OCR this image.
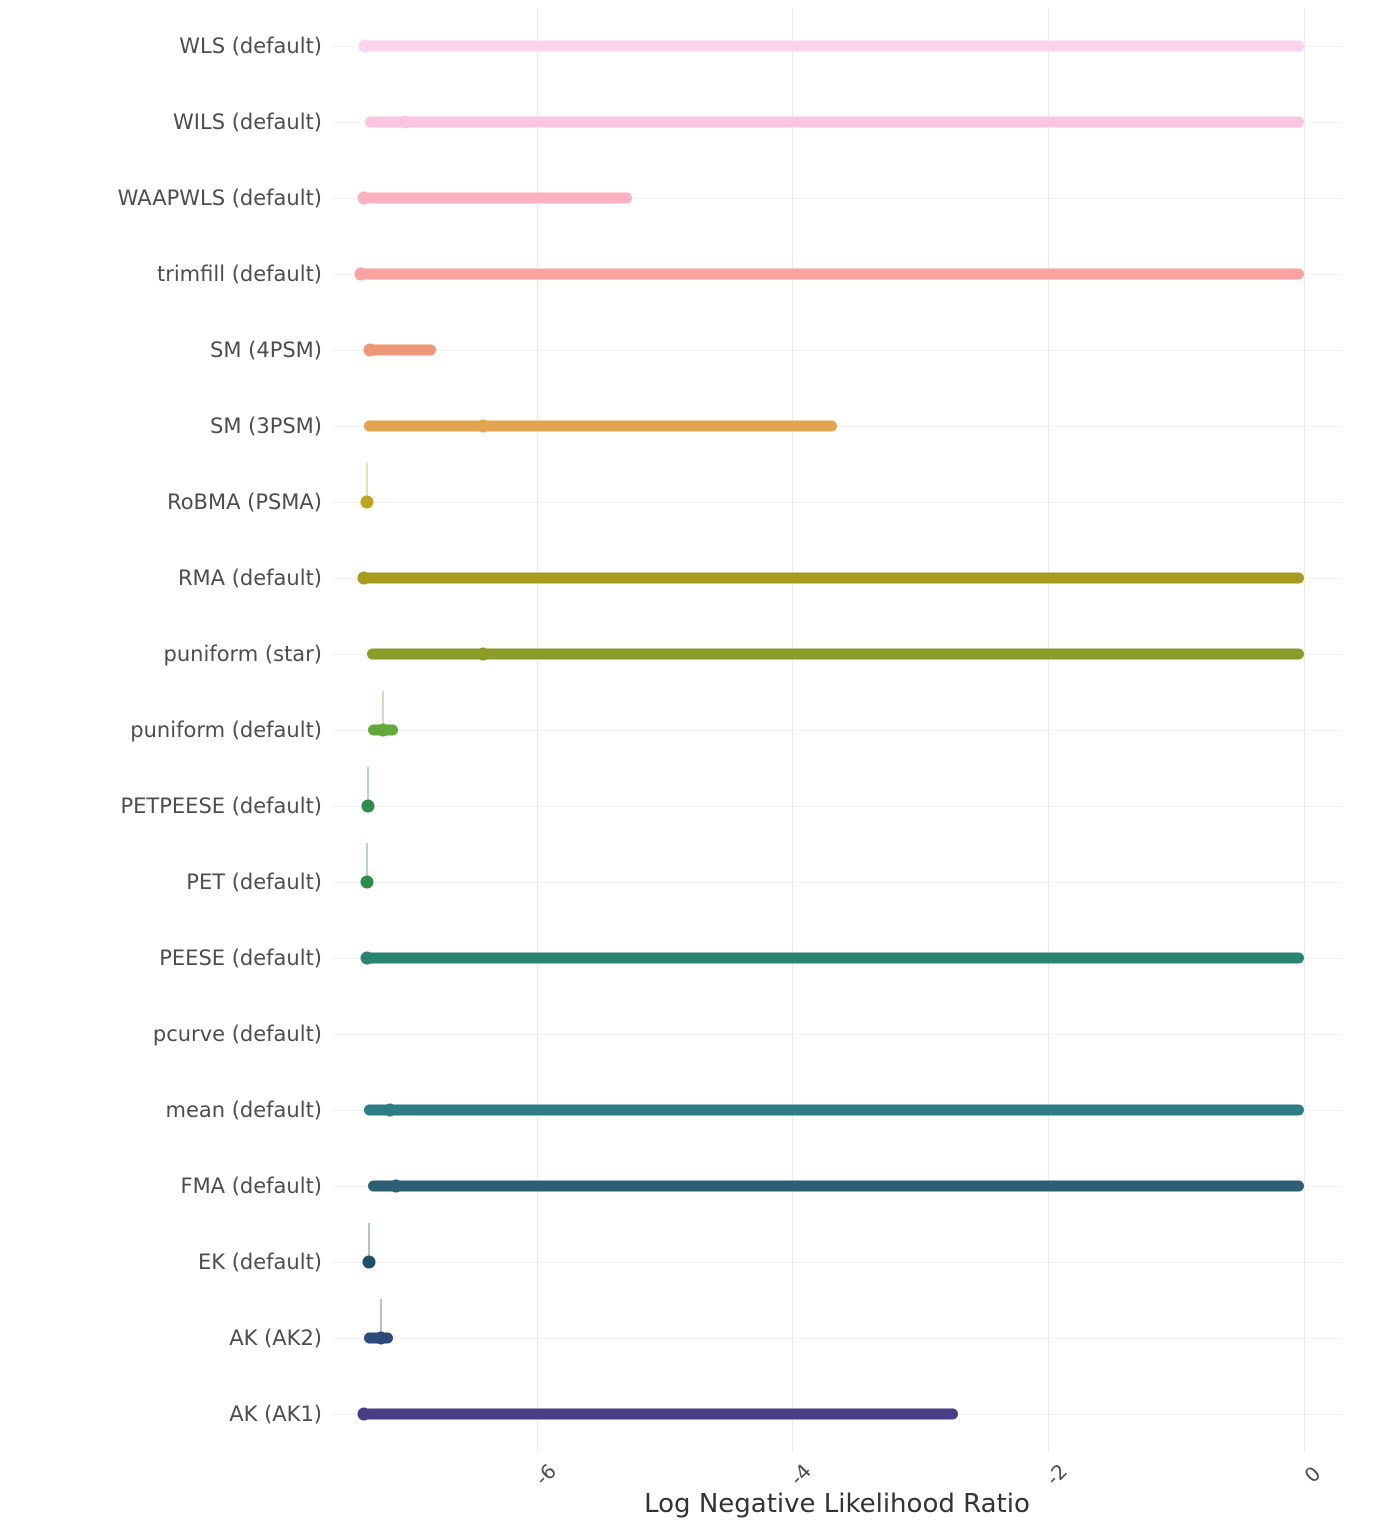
Log Negative Likelihood Ratio
-6	-4	-2	0
WLS (default)
WILS (default)
WAAPWLS (default)
trimfill (default)
SM (4PSM)
SM (3PSM)
RoBMA (PSMA)
RMA (default)
puniform (star)
puniform (default)
PETPEESE (default)
PET (default)
PEESE (default)
pcurve (default)
mean (default)
FMA (default)
EK (default)
AK (AK2)
AK (AK1)
